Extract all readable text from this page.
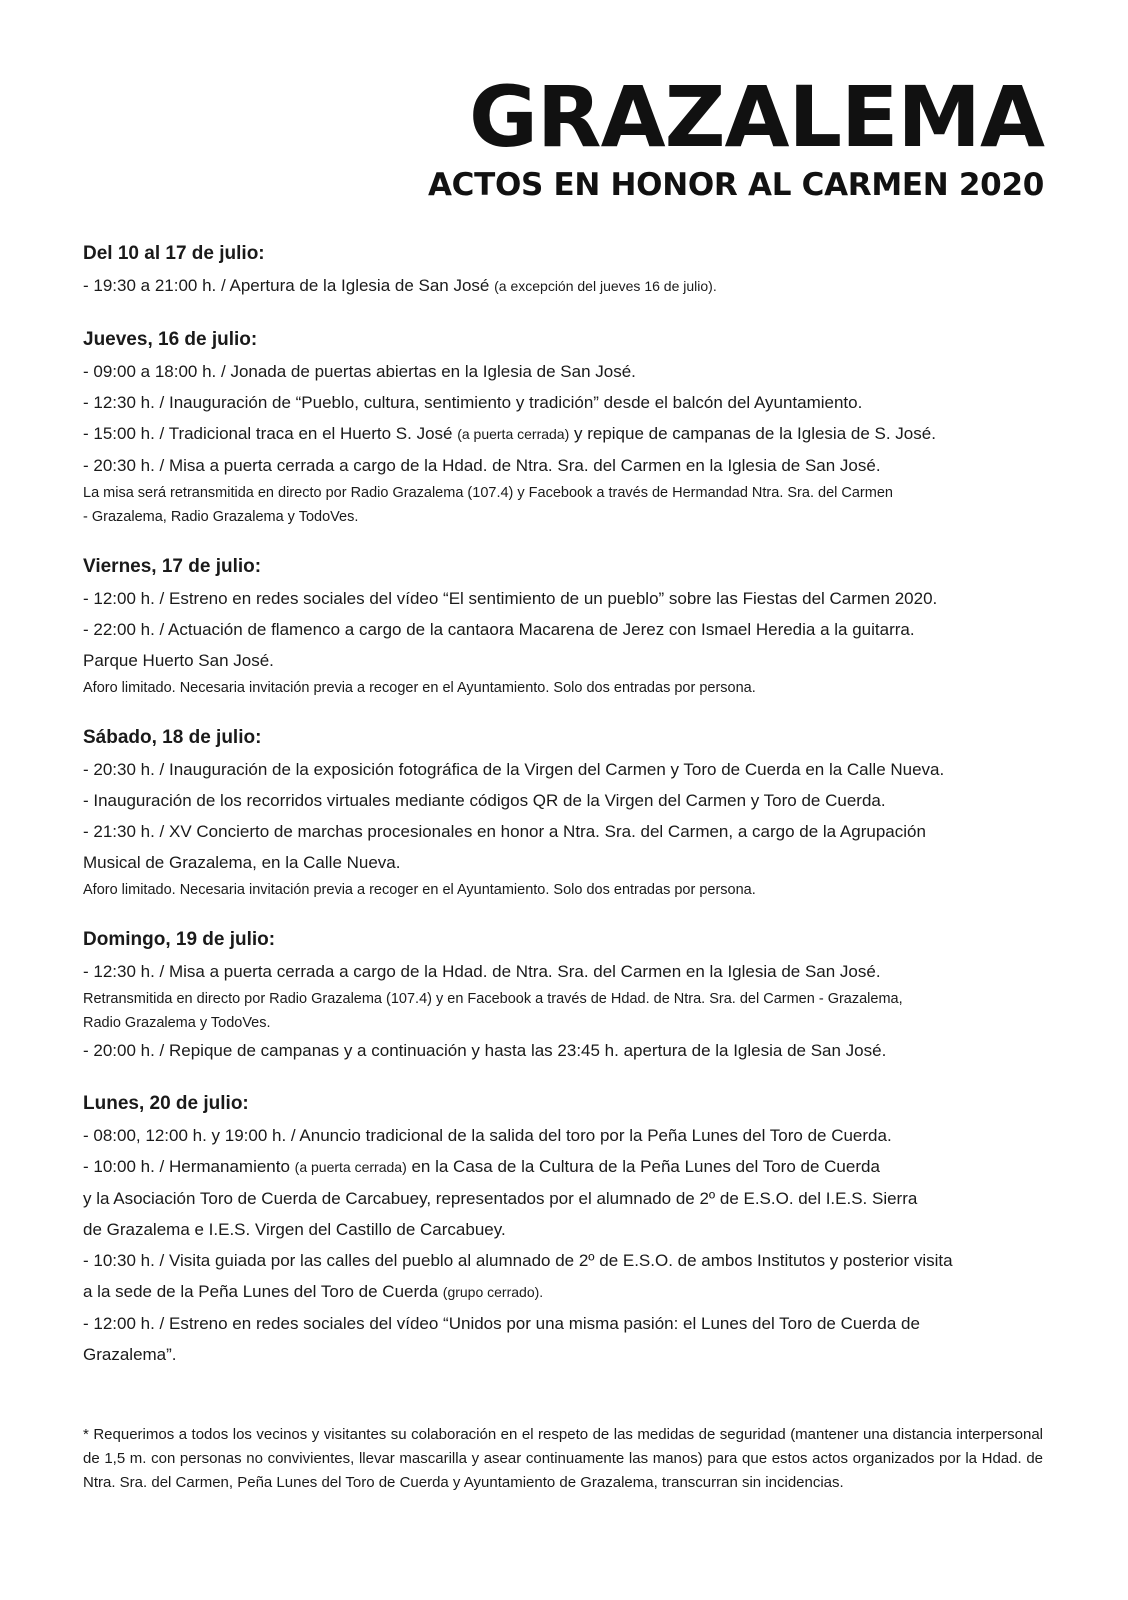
GRAZALEMA
ACTOS EN HONOR AL CARMEN 2020
Del 10 al 17 de julio:
- 19:30 a 21:00 h. / Apertura de la Iglesia de San José (a excepción del jueves 16 de julio).
Jueves, 16 de julio:
- 09:00 a 18:00 h. / Jonada de puertas abiertas en la Iglesia de San José.
- 12:30 h. / Inauguración de “Pueblo, cultura, sentimiento y tradición” desde el balcón del Ayuntamiento.
- 15:00 h. / Tradicional traca en el Huerto S. José (a puerta cerrada) y repique de campanas de la Iglesia de S. José.
- 20:30 h. / Misa a puerta cerrada a cargo de la Hdad. de Ntra. Sra. del Carmen en la Iglesia de San José.
La misa será retransmitida en directo por Radio Grazalema (107.4) y Facebook a través de Hermandad Ntra. Sra. del Carmen
- Grazalema, Radio Grazalema y TodoVes.
Viernes, 17 de julio:
- 12:00 h. / Estreno en redes sociales del vídeo “El sentimiento de un pueblo” sobre las Fiestas del Carmen 2020.
- 22:00 h. / Actuación de flamenco a cargo de la cantaora Macarena de Jerez con Ismael Heredia a la guitarra.
Parque Huerto San José.
Aforo limitado. Necesaria invitación previa a recoger en el Ayuntamiento. Solo dos entradas por persona.
Sábado, 18 de julio:
- 20:30 h. / Inauguración de la exposición fotográfica de la Virgen del Carmen y Toro de Cuerda en la Calle Nueva.
- Inauguración de los recorridos virtuales mediante códigos QR de la Virgen del Carmen y Toro de Cuerda.
- 21:30 h. / XV Concierto de marchas procesionales en honor a Ntra. Sra. del Carmen, a cargo de la Agrupación
Musical de Grazalema, en la Calle Nueva.
Aforo limitado. Necesaria invitación previa a recoger en el Ayuntamiento. Solo dos entradas por persona.
Domingo, 19 de julio:
- 12:30 h. / Misa a puerta cerrada a cargo de la Hdad. de Ntra. Sra. del Carmen en la Iglesia de San José.
Retransmitida en directo por Radio Grazalema (107.4) y en Facebook a través de Hdad. de Ntra. Sra. del Carmen - Grazalema,
Radio Grazalema y TodoVes.
- 20:00 h. / Repique de campanas y a continuación y hasta las 23:45 h. apertura de la Iglesia de San José.
Lunes, 20 de julio:
- 08:00, 12:00 h. y 19:00 h. / Anuncio tradicional de la salida del toro por la Peña Lunes del Toro de Cuerda.
- 10:00 h. / Hermanamiento (a puerta cerrada) en la Casa de la Cultura de la Peña Lunes del Toro de Cuerda
y la Asociación Toro de Cuerda de Carcabuey, representados por el alumnado de 2º de E.S.O. del I.E.S. Sierra
de Grazalema e I.E.S. Virgen del Castillo de Carcabuey.
- 10:30 h. / Visita guiada por las calles del pueblo al alumnado de 2º de E.S.O. de ambos Institutos y posterior visita
a la sede de la Peña Lunes del Toro de Cuerda (grupo cerrado).
- 12:00 h. / Estreno en redes sociales del vídeo “Unidos por una misma pasión: el Lunes del Toro de Cuerda de
Grazalema”.
* Requerimos a todos los vecinos y visitantes su colaboración en el respeto de las medidas de seguridad (mantener una distancia interpersonal de 1,5 m. con personas no convivientes, llevar mascarilla y asear continuamente las manos) para que estos actos organizados por la Hdad. de Ntra. Sra. del Carmen, Peña Lunes del Toro de Cuerda y Ayuntamiento de Grazalema, transcurran sin incidencias.
